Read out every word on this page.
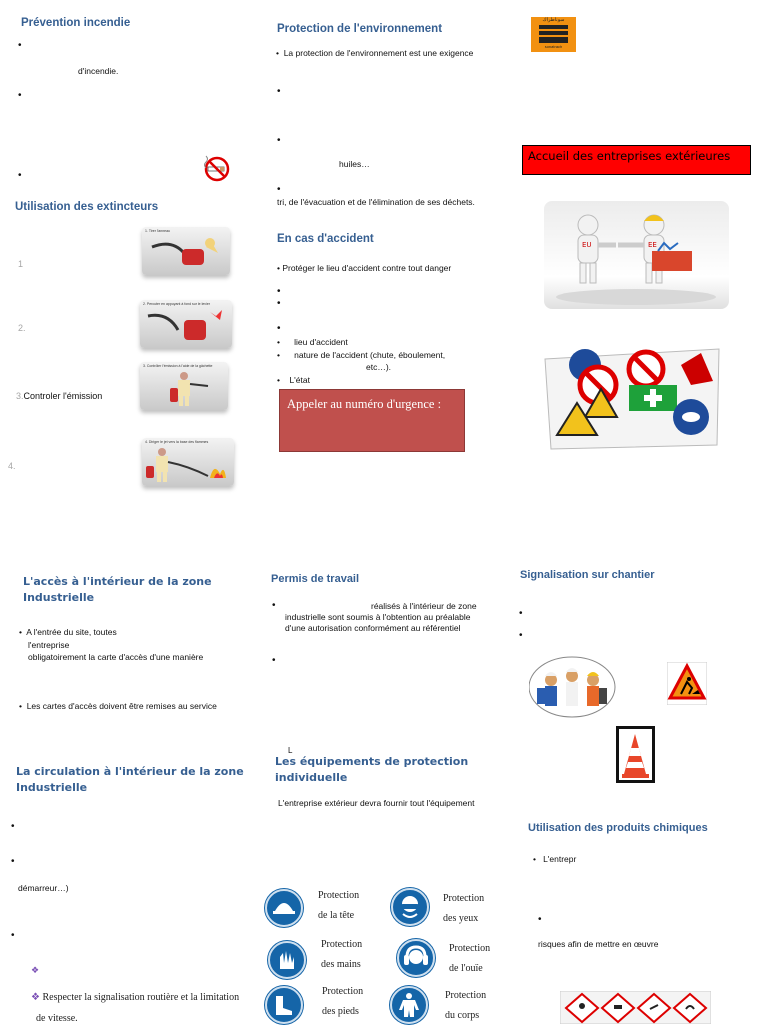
Prévention incendie
•
d'incendie.
•
•
Utilisation des extincteurs
1
2.
3.Controler l'émission
4.
1. Tirer l'anneau
2. Percuter en appuyant à fond sur le levier
3. Contrôler l'émission à l'aide de la gâchette
4. Diriger le jet vers la base des flammes
Protection de l'environnement
•  La protection de l'environnement est une exigence
•
•
huiles…
•
tri, de l'évacuation et de l'élimination de ses déchets.
En cas d'accident
• Protéger le lieu d'accident contre tout danger
•
•
•
•      lieu d'accident
•      nature de l'accident (chute, éboulement,
etc…).
•    L'état
Appeler au numéro d'urgence :
سوناطراك
sonatrach
Accueil des entreprises extérieures
EU	EE
L'accès à l'intérieur de la zone Industrielle
•  A l'entrée du site, toutes
l'entreprise
obligatoirement la carte d'accès d'une manière
•  Les cartes d'accès doivent être remises au service
La circulation à l'intérieur de la zone Industrielle
•
•
démarreur…)
•
❖
❖ Respecter la signalisation routière et la limitation
de vitesse.
Permis de travail
•	réalisés à l'intérieur de zone
industrielle sont soumis à l'obtention au préalable
d'une autorisation conformément au référentiel
•
L
Les équipements de protection individuelle
L'entreprise extérieur devra fournir tout l'équipement
Protection
de la tête
Protection
des yeux
Protection
des mains
Protection
de l'ouïe
Protection
des pieds
Protection
du corps
Signalisation sur chantier
•
•
Utilisation des produits chimiques
•   L'entrepr
•
risques afin de mettre en œuvre
